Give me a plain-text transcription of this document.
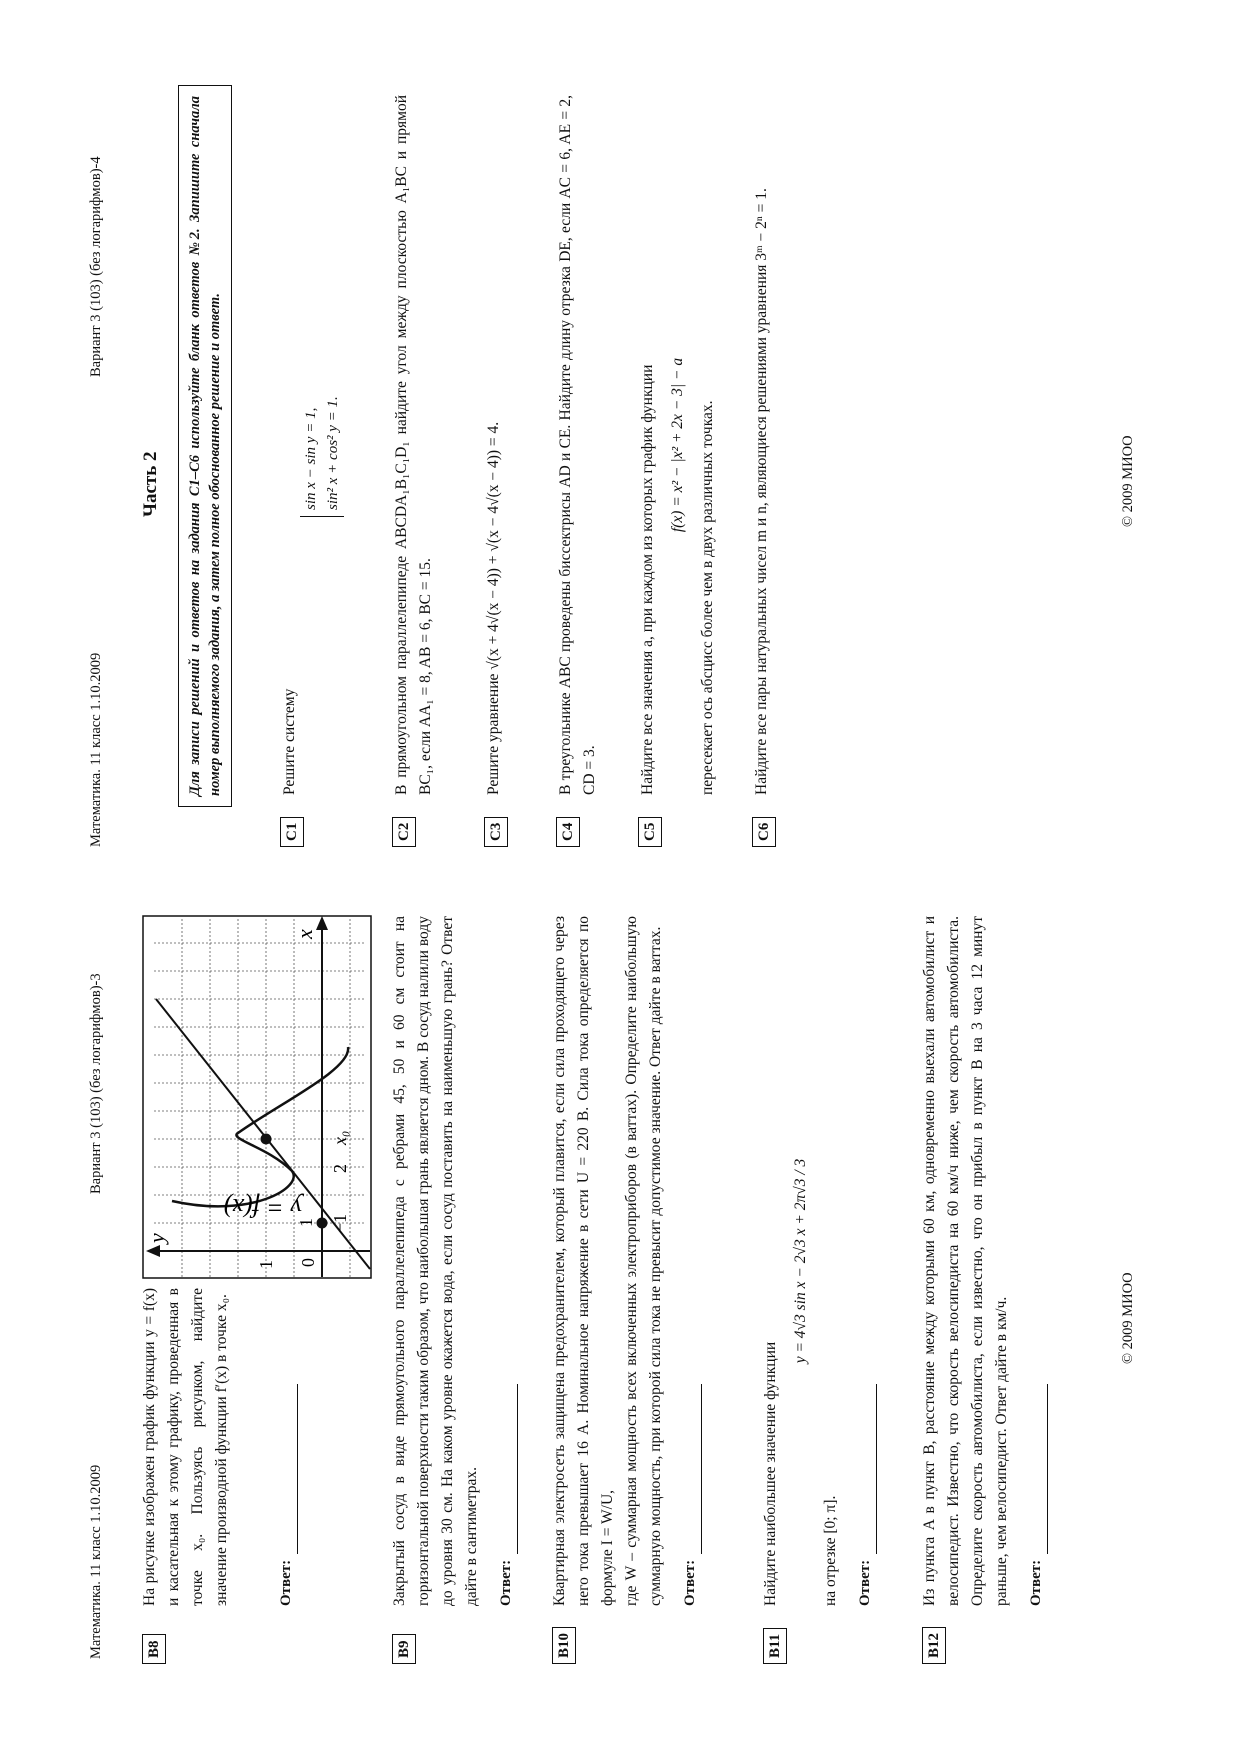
Математика. 11 класс 1.10.2009
Вариант 3 (103) (без логарифмов)-3
B8
На рисунке изображен график функции y = f(x) и касательная к этому графику, проведенная в точке x₀. Пользуясь рисунком, найдите значение производной функции f′(x) в точке x₀.	Ответ:
y
x
0
1 −1
1
2
x₀
y = f(x)
B9
Закрытый сосуд в виде прямоугольного параллелепипеда с ребрами 45, 50 и 60 см стоит на горизонтальной поверхности таким образом, что наибольшая грань является дном. В сосуд налили воду до уровня 30 см. На каком уровне окажется вода, если сосуд поставить на наименьшую грань? Ответ дайте в сантиметрах. Ответ:
B10
Квартирная электросеть защищена предохранителем, который плавится, если сила проходящего через него тока превышает 16 А. Номинальное напряжение в сети U = 220 В. Сила тока определяется по формуле I = W/U, где W – суммарная мощность всех включенных электроприборов (в ваттах). Определите наибольшую суммарную мощность, при которой сила тока не превысит допустимое значение. Ответ дайте в ваттах. Ответ:
B11
Найдите наибольшее значение функции
y = 4√3 sin x − 2√3 x + 2π√3 / 3
на отрезке [0; π]. Ответ:
B12
Из пункта A в пункт B, расстояние между которыми 60 км, одновременно выехали автомобилист и велосипедист. Известно, что скорость велосипедиста на 60 км/ч ниже, чем скорость автомобилиста. Определите скорость автомобилиста, если известно, что он прибыл в пункт B на 3 часа 12 минут раньше, чем велосипедист. Ответ дайте в км/ч. Ответ:
© 2009 МИОО
Математика. 11 класс 1.10.2009
Вариант 3 (103) (без логарифмов)-4
Часть 2	Для записи решений и ответов на задания С1–С6 используйте бланк ответов №2. Запишите сначала номер выполняемого задания, а затем полное обоснованное решение и ответ.
C1
Решите систему
sin x − sin y = 1, sin² x + cos² y = 1.
C2
В прямоугольном параллелепипеде ABCDA₁B₁C₁D₁ найдите угол между плоскостью A₁BC и прямой BC₁, если AA₁ = 8, AB = 6, BC = 15.
C3
Решите уравнение √(x + 4√(x − 4)) + √(x − 4√(x − 4)) = 4.
C4
В треугольнике ABC проведены биссектрисы AD и CE. Найдите длину отрезка DE, если AC = 6, AE = 2, CD = 3.
C5
Найдите все значения a, при каждом из которых график функции f(x) = x² − |x² + 2x − 3| − a пересекает ось абсцисс более чем в двух различных точках.
C6
Найдите все пары натуральных чисел m и n, являющиеся решениями уравнения 3ᵐ − 2ⁿ = 1.	© 2009 МИОО
